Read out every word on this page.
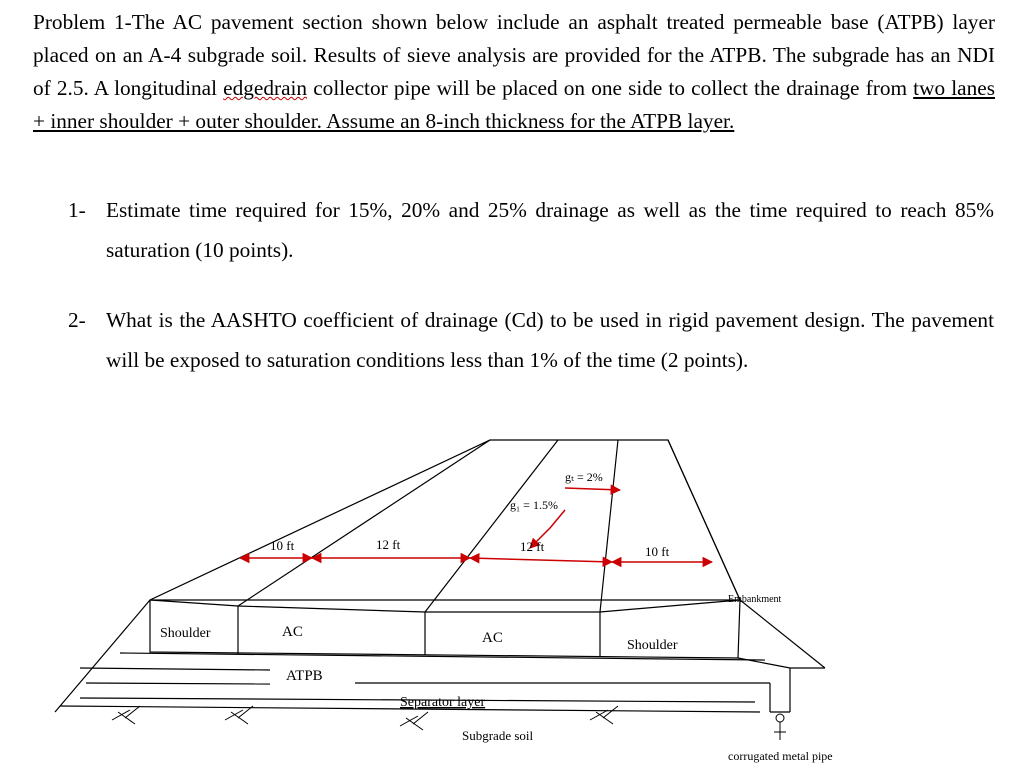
Problem 1-The AC pavement section shown below include an asphalt treated permeable base (ATPB) layer placed on an A-4 subgrade soil. Results of sieve analysis are provided for the ATPB. The subgrade has an NDI of 2.5. A longitudinal edgedrain collector pipe will be placed on one side to collect the drainage from two lanes + inner shoulder + outer shoulder. Assume an 8-inch thickness for the ATPB layer.

1- Estimate time required for 15%, 20% and 25% drainage as well as the time required to reach 85% saturation (10 points).
2- What is the AASHTO coefficient of drainage (Cd) to be used in rigid pavement design. The pavement will be exposed to saturation conditions less than 1% of the time (2 points).
10 ft	12 ft	12 ft	10 ft
g₁ = 1.5%
gₜ = 2%
Shoulder	AC	AC	Shoulder
ATPB
Separator layer
Subgrade soil
Embankment
corrugated metal pipe
